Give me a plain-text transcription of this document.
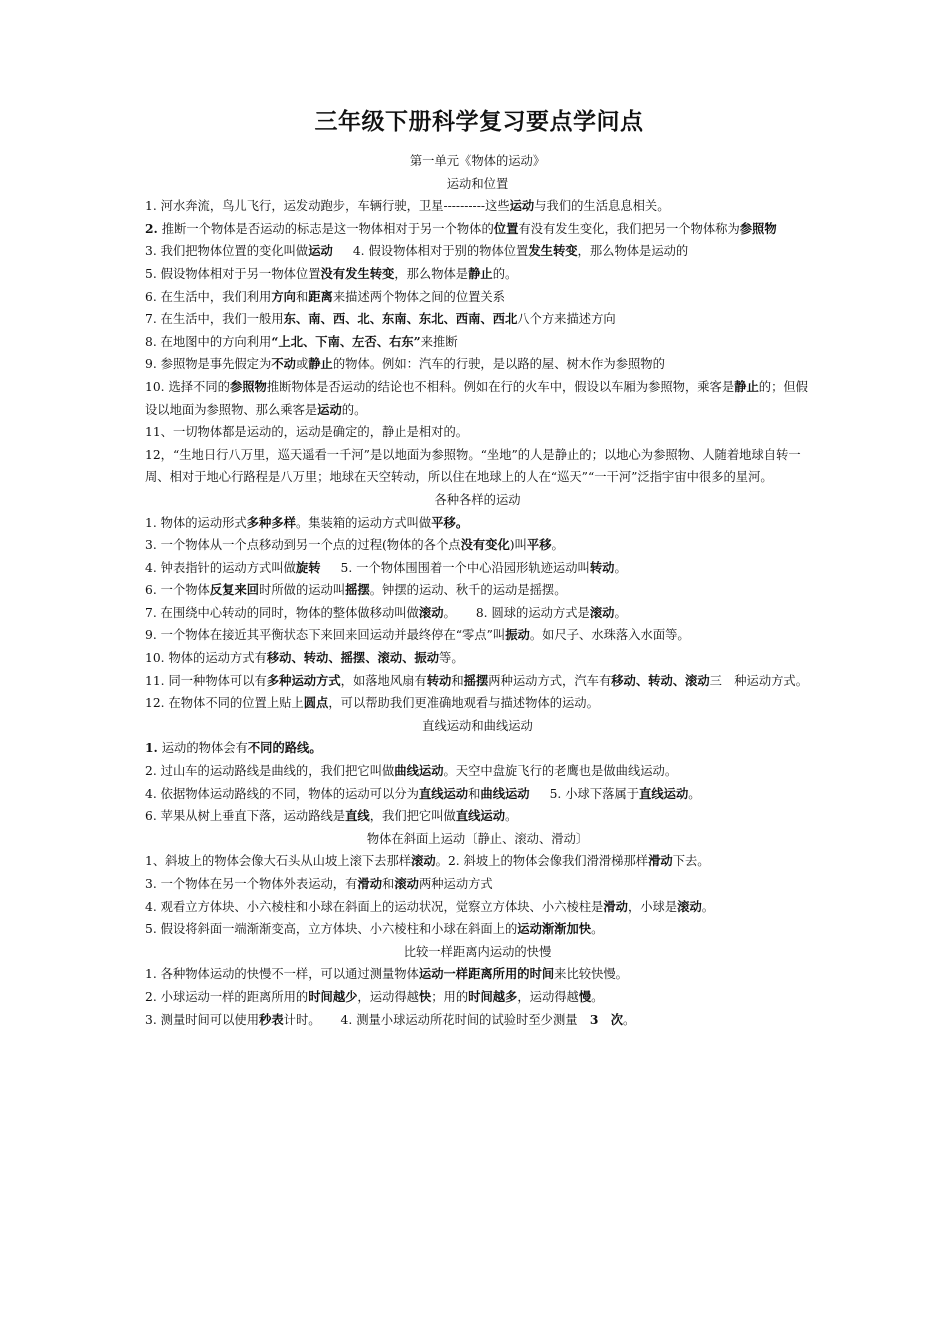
三年级下册科学复习要点学问点
第一单元《物体的运动》
运动和位置
1. 河水奔流，鸟儿飞行，运发动跑步，车辆行驶，卫星----------这些运动与我们的生活息息相关。
2. 推断一个物体是否运动的标志是这一物体相对于另一个物体的位置有没有发生变化，我们把另一个物体称为参照物
3. 我们把物体位置的变化叫做运动 4. 假设物体相对于别的物体位置发生转变，那么物体是运动的
5. 假设物体相对于另一物体位置没有发生转变，那么物体是静止的。
6. 在生活中，我们利用方向和距离来描述两个物体之间的位置关系
7. 在生活中，我们一般用东、南、西、北、东南、东北、西南、西北八个方来描述方向
8. 在地图中的方向利用“上北、下南、左否、右东”来推断
9. 参照物是事先假定为不动或静止的物体。例如：汽车的行驶，是以路的屋、树木作为参照物的
10. 选择不同的参照物推断物体是否运动的结论也不相科。例如在行的火车中，假设以车厢为参照物，乘客是静止的；但假设以地面为参照物、那么乘客是运动的。
11、一切物体都是运动的，运动是确定的，静止是相对的。
12，“生地日行八万里，巡天遥看一千河”是以地面为参照物。“坐地”的人是静止的；以地心为参照物、人随着地球自转一周、相对于地心行路程是八万里；地球在天空转动，所以住在地球上的人在“巡天”“一干河”泛指宇宙中很多的星河。
各种各样的运动
1. 物体的运动形式多种多样。集装箱的运动方式叫做平移。
3. 一个物体从一个点移动到另一个点的过程(物体的各个点没有变化)叫平移。
4. 钟表指针的运动方式叫做旋转 5. 一个物体围围着一个中心沿园形轨迹运动叫转动。
6. 一个物体反复来回时所做的运动叫摇摆。钟摆的运动、秋千的运动是摇摆。
7. 在围绕中心转动的同时，物体的整体做移动叫做滚动。 8. 圆球的运动方式是滚动。
9. 一个物体在接近其平衡状态下来回来回运动并最终停在“零点”叫振动。如尺子、水珠落入水面等。
10. 物体的运动方式有移动、转动、摇摆、滚动、振动等。
11. 同一种物体可以有多种运动方式，如落地风扇有转动和摇摆两种运动方式，汽车有移动、转动、滚动三　种运动方式。
12. 在物体不同的位置上贴上圆点，可以帮助我们更准确地观看与描述物体的运动。
直线运动和曲线运动
1. 运动的物体会有不同的路线。
2. 过山车的运动路线是曲线的，我们把它叫做曲线运动。天空中盘旋飞行的老鹰也是做曲线运动。
4. 依据物体运动路线的不同，物体的运动可以分为直线运动和曲线运动 5. 小球下落属于直线运动。
6. 苹果从树上垂直下落，运动路线是直线，我们把它叫做直线运动。
物体在斜面上运动〔静止、滚动、滑动〕
1、斜坡上的物体会像大石头从山坡上滚下去那样滚动。2. 斜坡上的物体会像我们滑滑梯那样滑动下去。
3. 一个物体在另一个物体外表运动，有滑动和滚动两种运动方式
4. 观看立方体块、小六棱柱和小球在斜面上的运动状况，觉察立方体块、小六棱柱是滑动，小球是滚动。
5. 假设将斜面一端渐渐变高，立方体块、小六棱柱和小球在斜面上的运动渐渐加快。
比较一样距离内运动的快慢
1. 各种物体运动的快慢不一样，可以通过测量物体运动一样距离所用的时间来比较快慢。
2. 小球运动一样的距离所用的时间越少，运动得越快；用的时间越多，运动得越慢。
3. 测量时间可以使用秒表计时。 4. 测量小球运动所花时间的试验时至少测量　3　次。
